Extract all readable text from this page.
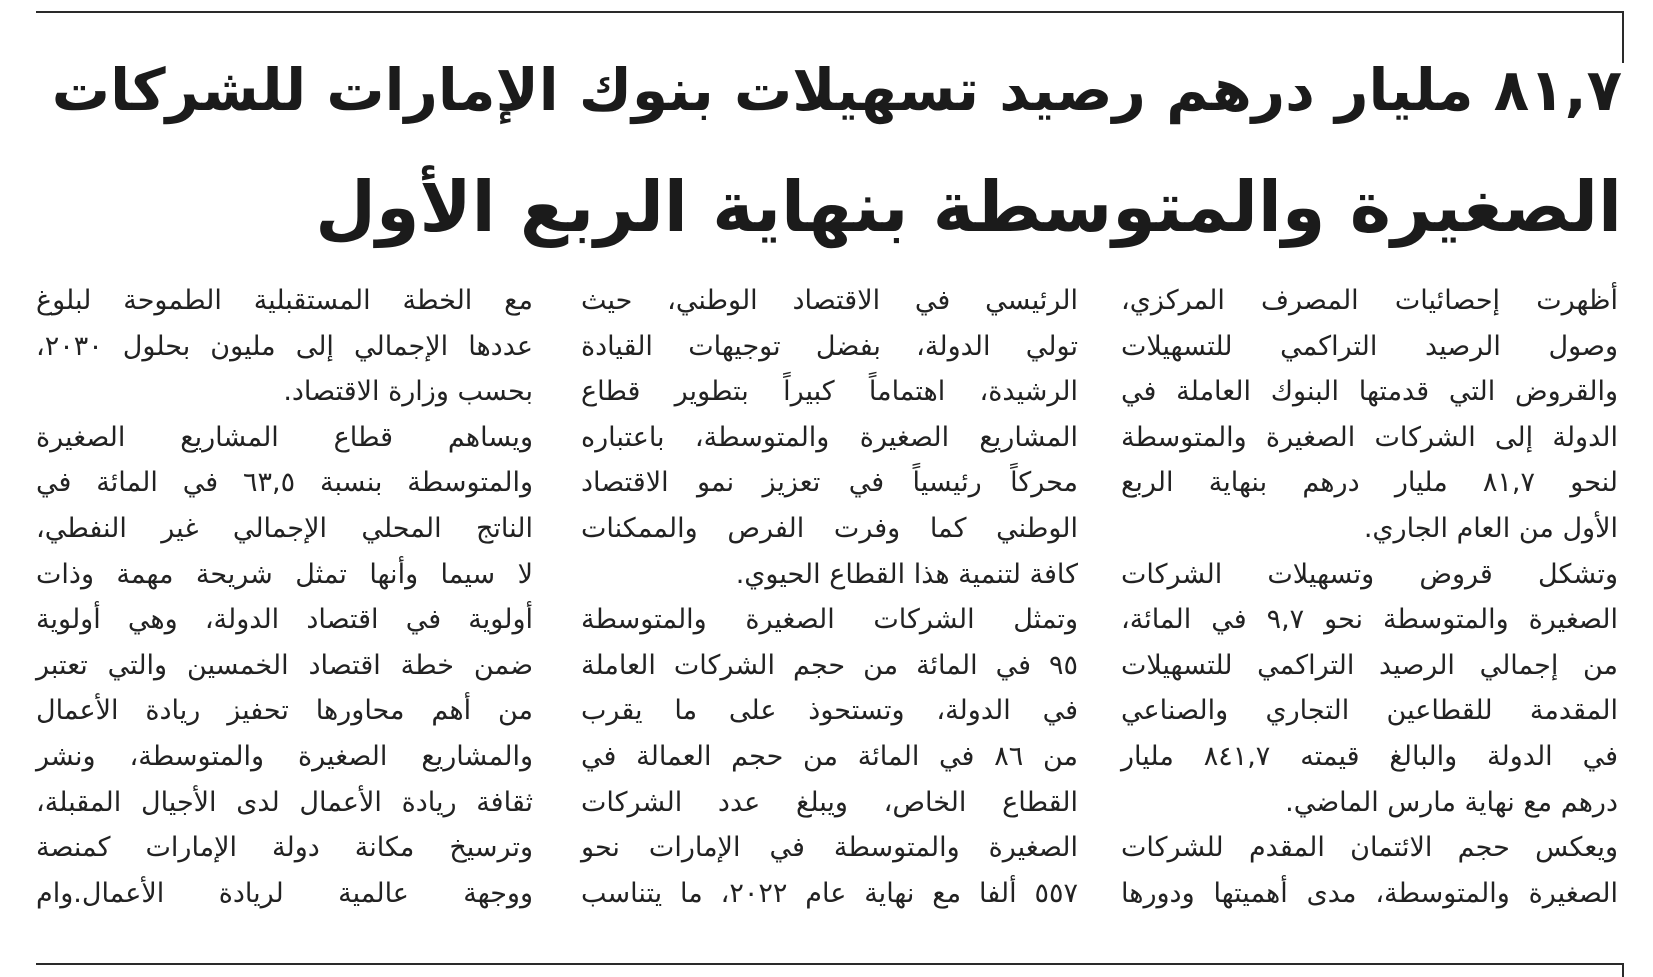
٨١,٧ مليار درهم رصيد تسهيلات بنوك الإمارات للشركات
الصغيرة والمتوسطة بنهاية الربع الأول
أظهرت إحصائيات المصرف المركزي،
وصول الرصيد التراكمي للتسهيلات
والقروض التي قدمتها البنوك العاملة في
الدولة إلى الشركات الصغيرة والمتوسطة
لنحو ٨١,٧ مليار درهم بنهاية الربع
الأول من العام الجاري.
وتشكل قروض وتسهيلات الشركات
الصغيرة والمتوسطة نحو ٩,٧ في المائة،
من إجمالي الرصيد التراكمي للتسهيلات
المقدمة للقطاعين التجاري والصناعي
في الدولة والبالغ قيمته ٨٤١,٧ مليار
درهم مع نهاية مارس الماضي.
ويعكس حجم الائتمان المقدم للشركات
الصغيرة والمتوسطة، مدى أهميتها ودورها
الرئيسي في الاقتصاد الوطني، حيث
تولي الدولة، بفضل توجيهات القيادة
الرشيدة، اهتماماً كبيراً بتطوير قطاع
المشاريع الصغيرة والمتوسطة، باعتباره
محركاً رئيسياً في تعزيز نمو الاقتصاد
الوطني كما وفرت الفرص والممكنات
كافة لتنمية هذا القطاع الحيوي.
وتمثل الشركات الصغيرة والمتوسطة
٩٥ في المائة من حجم الشركات العاملة
في الدولة، وتستحوذ على ما يقرب
من ٨٦ في المائة من حجم العمالة في
القطاع الخاص، ويبلغ عدد الشركات
الصغيرة والمتوسطة في الإمارات نحو
٥٥٧ ألفا مع نهاية عام ٢٠٢٢، ما يتناسب
مع الخطة المستقبلية الطموحة لبلوغ
عددها الإجمالي إلى مليون بحلول ٢٠٣٠،
بحسب وزارة الاقتصاد.
ويساهم قطاع المشاريع الصغيرة
والمتوسطة بنسبة ٦٣,٥ في المائة في
الناتج المحلي الإجمالي غير النفطي،
لا سيما وأنها تمثل شريحة مهمة وذات
أولوية في اقتصاد الدولة، وهي أولوية
ضمن خطة اقتصاد الخمسين والتي تعتبر
من أهم محاورها تحفيز ريادة الأعمال
والمشاريع الصغيرة والمتوسطة، ونشر
ثقافة ريادة الأعمال لدى الأجيال المقبلة،
وترسيخ مكانة دولة الإمارات كمنصة
ووجهة عالمية لريادة الأعمال.وام
